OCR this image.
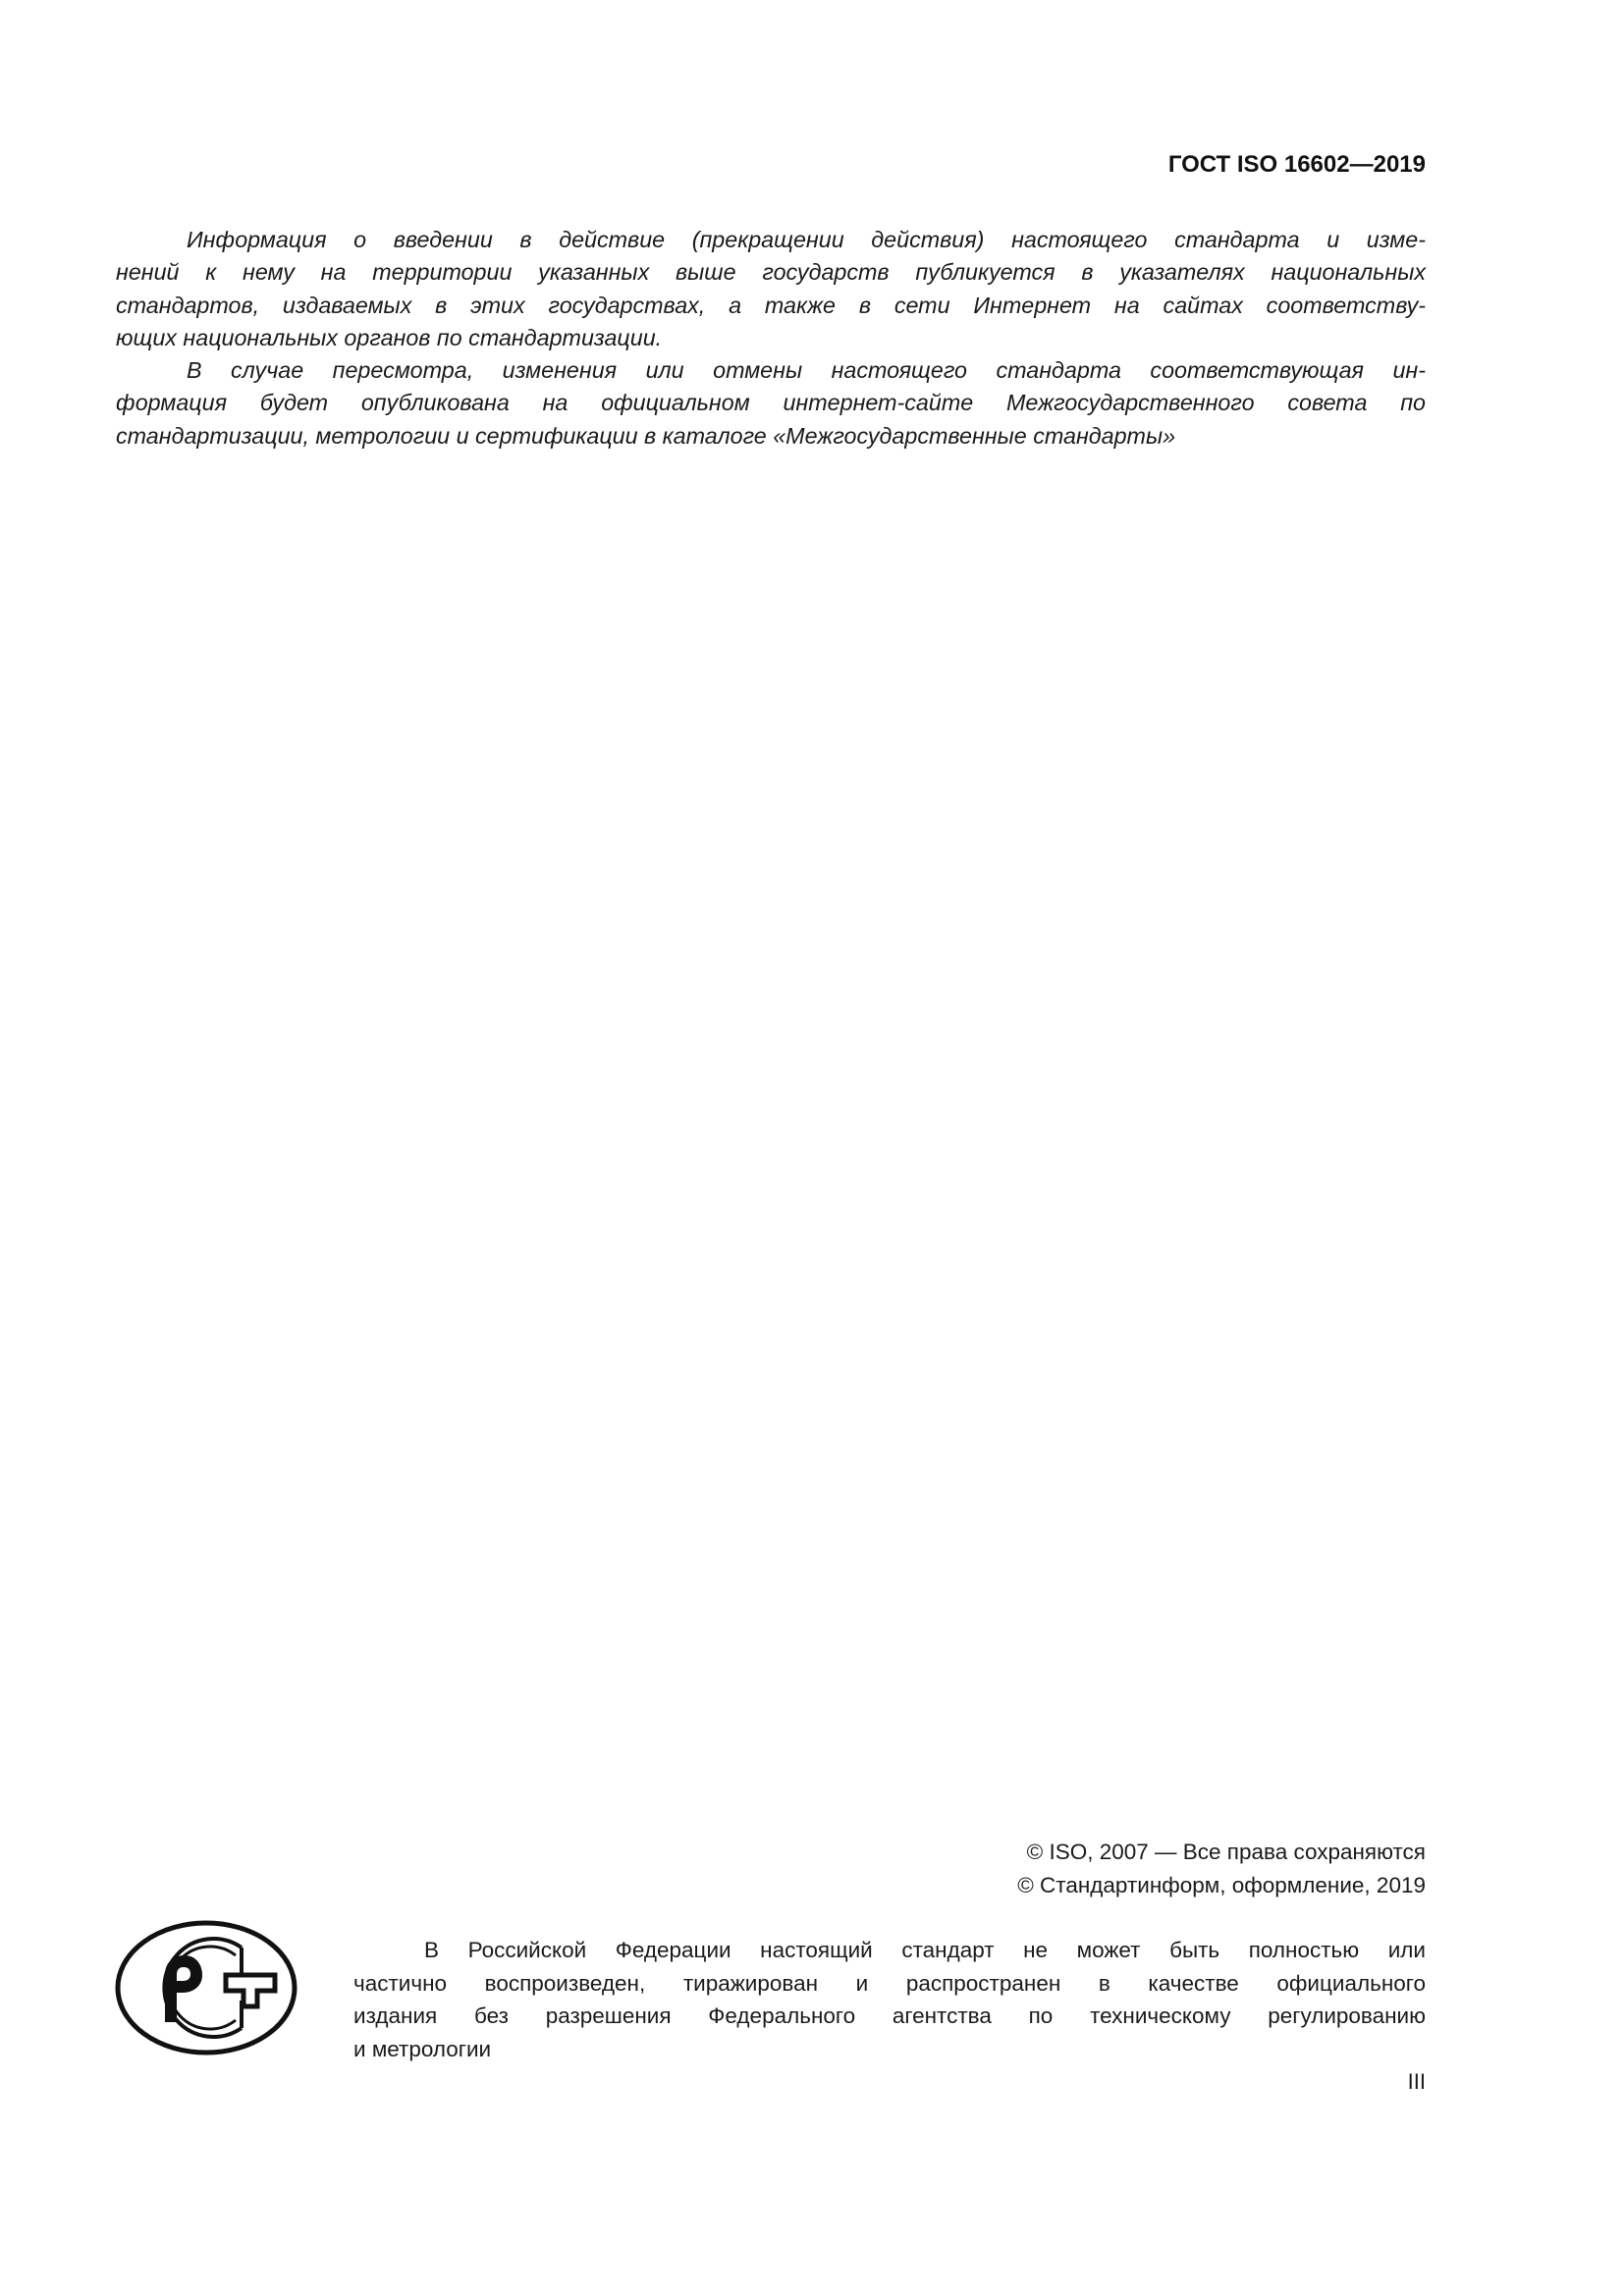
ГОСТ ISO 16602—2019
Информация о введении в действие (прекращении действия) настоящего стандарта и изме-
нений к нему на территории указанных выше государств публикуется в указателях национальных
стандартов, издаваемых в этих государствах, а также в сети Интернет на сайтах соответству-
ющих национальных органов по стандартизации.
В случае пересмотра, изменения или отмены настоящего стандарта соответствующая ин-
формация будет опубликована на официальном интернет-сайте Межгосударственного совета по
стандартизации, метрологии и сертификации в каталоге «Межгосударственные стандарты»
© ISO, 2007 — Все права сохраняются
© Стандартинформ, оформление, 2019
В Российской Федерации настоящий стандарт не может быть полностью или
частично воспроизведен, тиражирован и распространен в качестве официального
издания без разрешения Федерального агентства по техническому регулированию
и метрологии
III
